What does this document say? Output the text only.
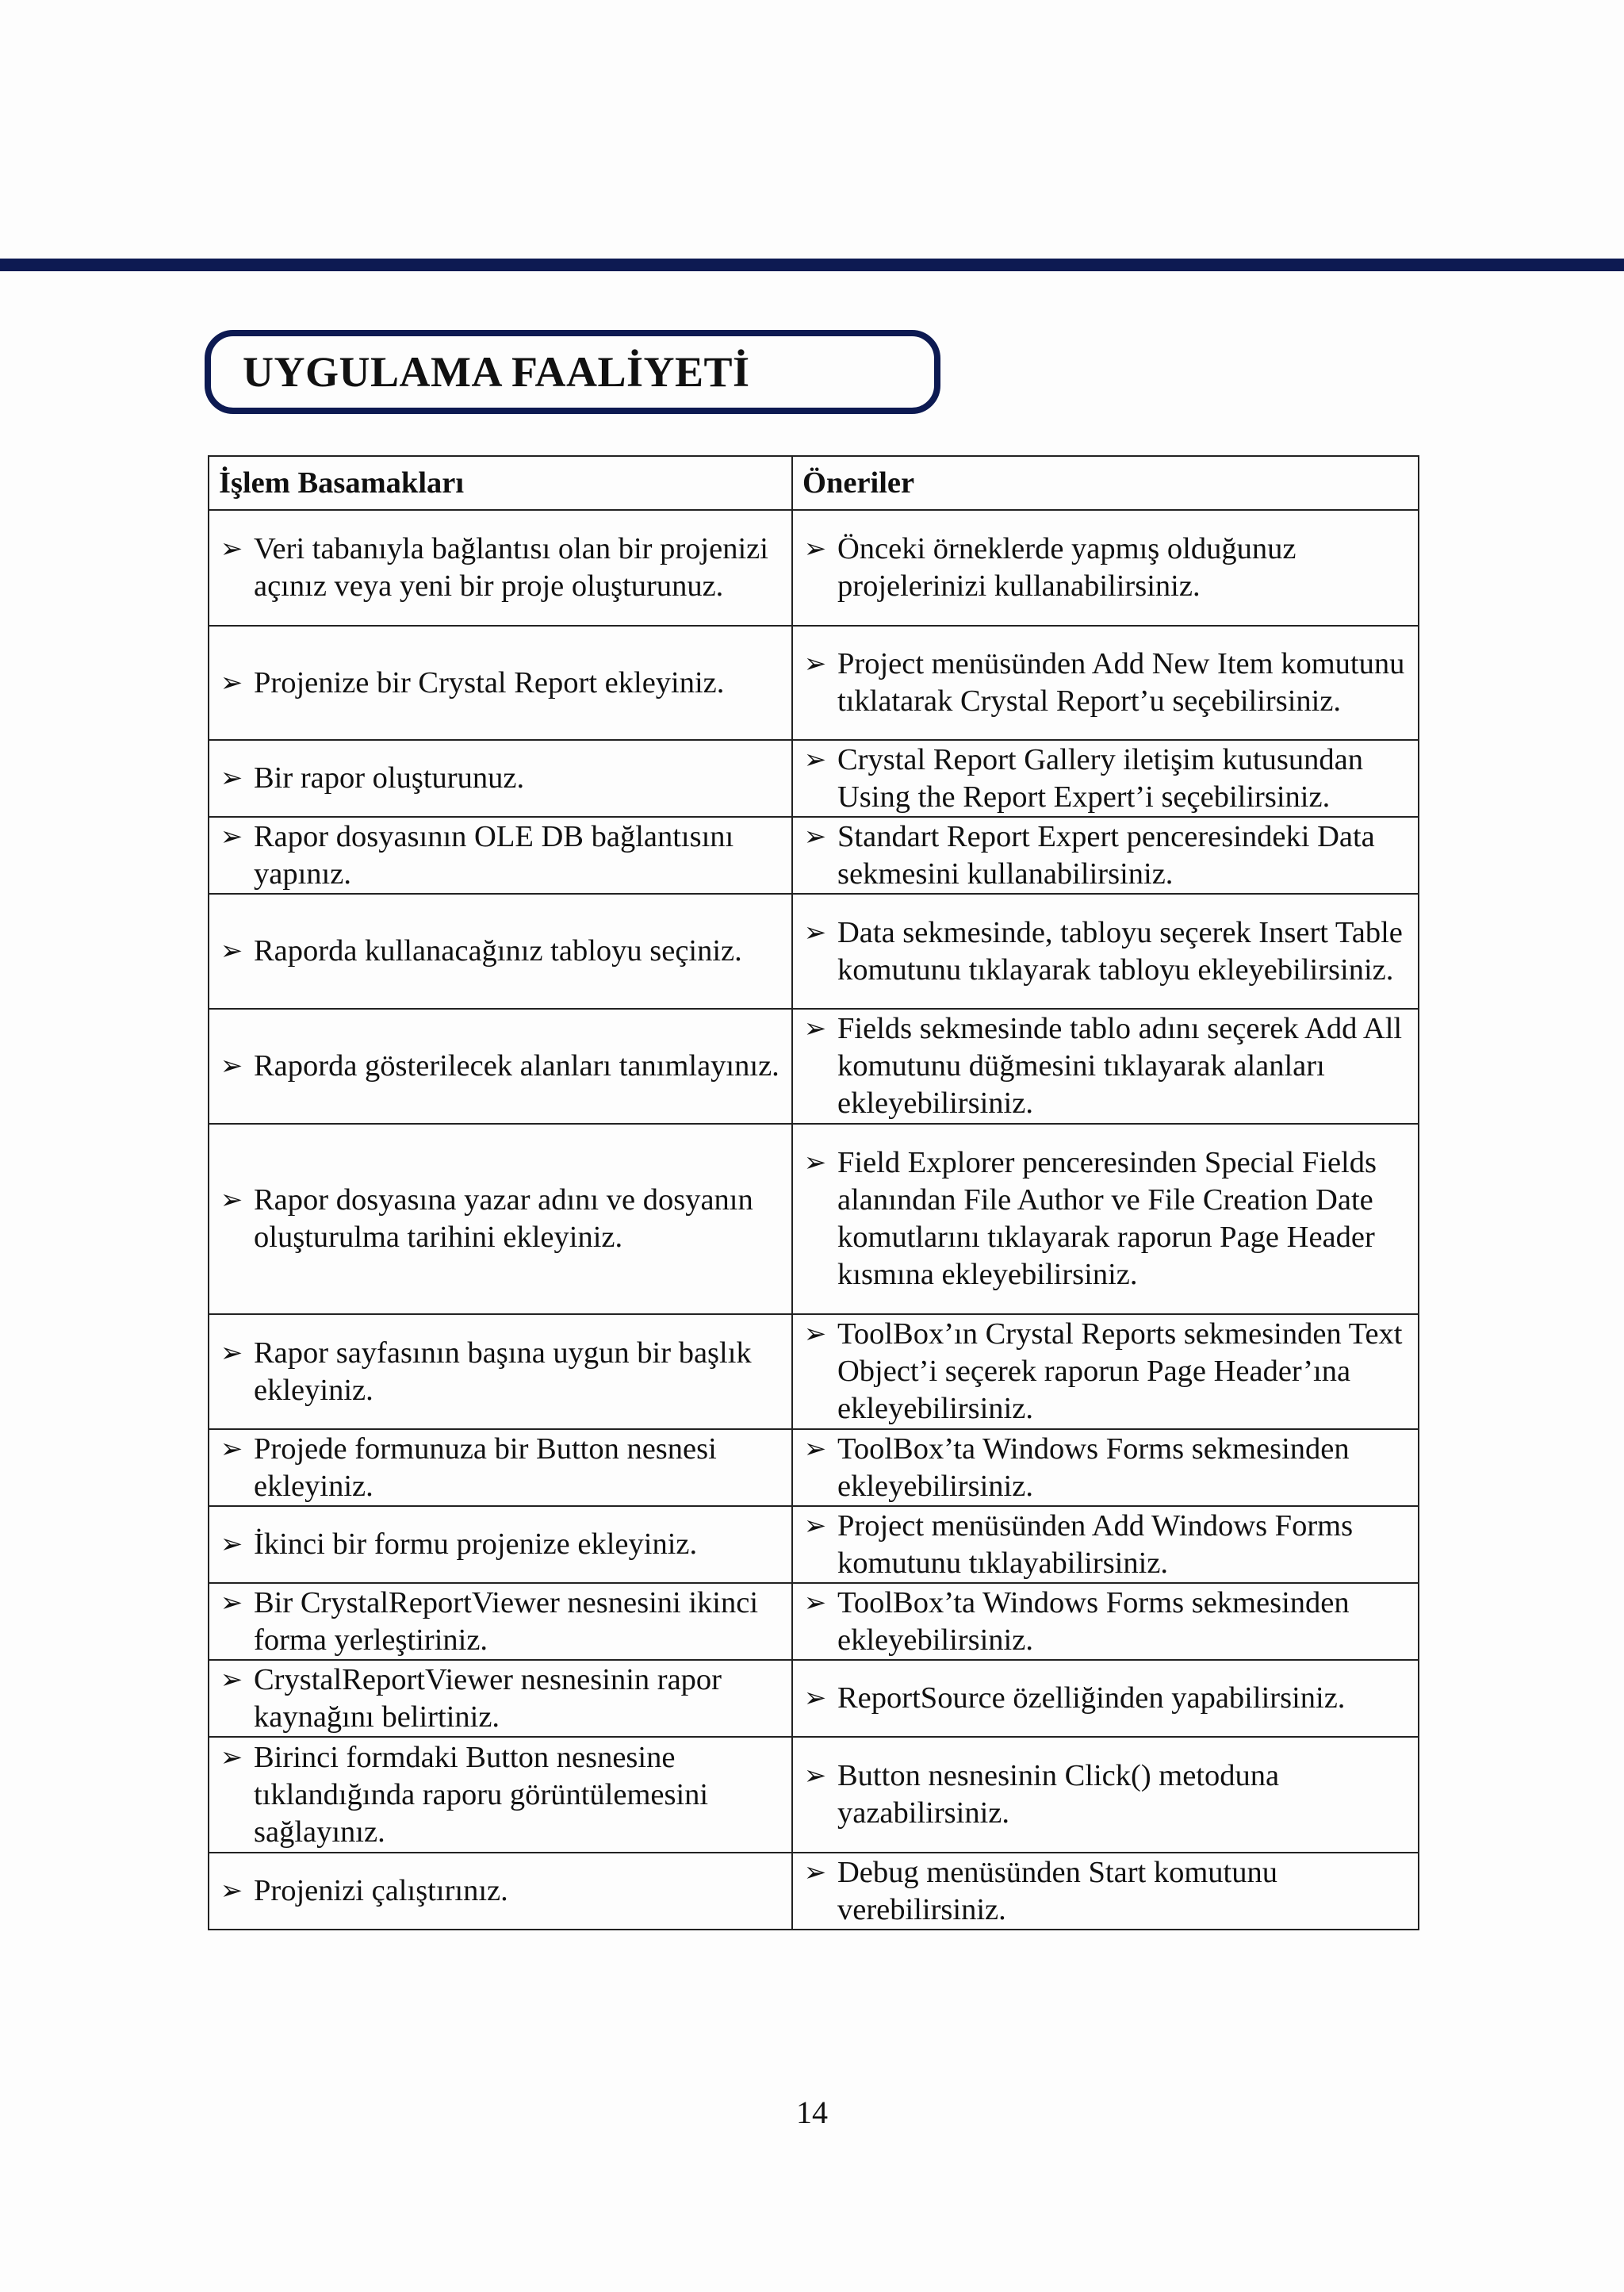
UYGULAMA FAALİYETİ
İşlem Basamakları	Öneriler

➢ Veri tabanıyla bağlantısı olan bir projenizi açınız veya yeni bir proje oluşturunuz.	➢ Önceki örneklerde yapmış olduğunuz projelerinizi kullanabilirsiniz.

➢ Projenize bir Crystal Report ekleyiniz.	➢ Project menüsünden Add New Item komutunu tıklatarak Crystal Report’u seçebilirsiniz.

➢ Bir rapor oluşturunuz.	➢ Crystal Report Gallery iletişim kutusundan Using the Report Expert’i seçebilirsiniz.

➢ Rapor dosyasının OLE DB bağlantısını yapınız.	➢ Standart Report Expert penceresindeki Data sekmesini kullanabilirsiniz.

➢ Raporda kullanacağınız tabloyu seçiniz.	➢ Data sekmesinde, tabloyu seçerek Insert Table komutunu tıklayarak tabloyu ekleyebilirsiniz.

➢ Raporda gösterilecek alanları tanımlayınız.	➢ Fields sekmesinde tablo adını seçerek Add All komutunu düğmesini tıklayarak alanları ekleyebilirsiniz.

➢ Rapor dosyasına yazar adını ve dosyanın oluşturulma tarihini ekleyiniz.	➢ Field Explorer penceresinden Special Fields alanından File Author ve File Creation Date komutlarını tıklayarak raporun Page Header kısmına ekleyebilirsiniz.

➢ Rapor sayfasının başına uygun bir başlık ekleyiniz.	➢ ToolBox’ın Crystal Reports sekmesinden Text Object’i seçerek raporun Page Header’ına ekleyebilirsiniz.

➢ Projede formunuza bir Button nesnesi ekleyiniz.	➢ ToolBox’ta Windows Forms sekmesinden ekleyebilirsiniz.

➢ İkinci bir formu projenize ekleyiniz.	➢ Project menüsünden Add Windows Forms komutunu tıklayabilirsiniz.

➢ Bir CrystalReportViewer nesnesini ikinci forma yerleştiriniz.	➢ ToolBox’ta Windows Forms sekmesinden ekleyebilirsiniz.

➢ CrystalReportViewer nesnesinin rapor kaynağını belirtiniz.	➢ ReportSource özelliğinden yapabilirsiniz.

➢ Birinci formdaki Button nesnesine tıklandığında raporu görüntülemesini sağlayınız.	➢ Button nesnesinin Click() metoduna yazabilirsiniz.

➢ Projenizi çalıştırınız.	➢ Debug menüsünden Start komutunu verebilirsiniz.
14
